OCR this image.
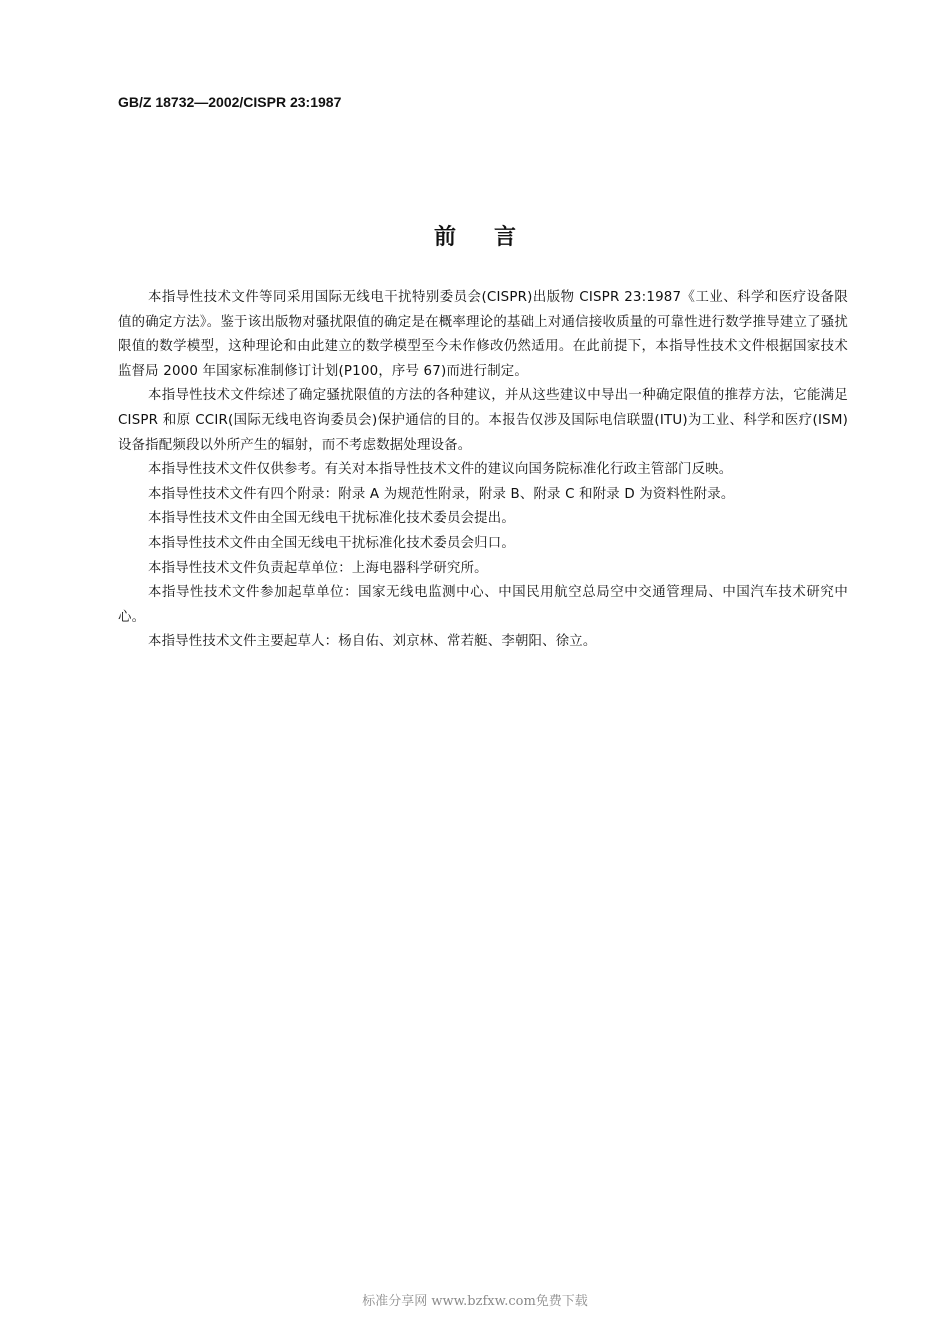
GB/Z 18732—2002/CISPR 23:1987
前言

本指导性技术文件等同采用国际无线电干扰特别委员会(CISPR)出版物 CISPR 23:1987《工业、科学和医疗设备限值的确定方法》。鉴于该出版物对骚扰限值的确定是在概率理论的基础上对通信接收质量的可靠性进行数学推导建立了骚扰限值的数学模型，这种理论和由此建立的数学模型至今未作修改仍然适用。在此前提下，本指导性技术文件根据国家技术监督局 2000 年国家标准制修订计划(P100，序号 67)而进行制定。

本指导性技术文件综述了确定骚扰限值的方法的各种建议，并从这些建议中导出一种确定限值的推荐方法，它能满足 CISPR 和原 CCIR(国际无线电咨询委员会)保护通信的目的。本报告仅涉及国际电信联盟(ITU)为工业、科学和医疗(ISM)设备指配频段以外所产生的辐射，而不考虑数据处理设备。

本指导性技术文件仅供参考。有关对本指导性技术文件的建议向国务院标准化行政主管部门反映。

本指导性技术文件有四个附录：附录 A 为规范性附录，附录 B、附录 C 和附录 D 为资料性附录。

本指导性技术文件由全国无线电干扰标准化技术委员会提出。

本指导性技术文件由全国无线电干扰标准化技术委员会归口。

本指导性技术文件负责起草单位：上海电器科学研究所。

本指导性技术文件参加起草单位：国家无线电监测中心、中国民用航空总局空中交通管理局、中国汽车技术研究中心。

本指导性技术文件主要起草人：杨自佑、刘京林、常若艇、李朝阳、徐立。

标准分享网 www.bzfxw.com免费下载
